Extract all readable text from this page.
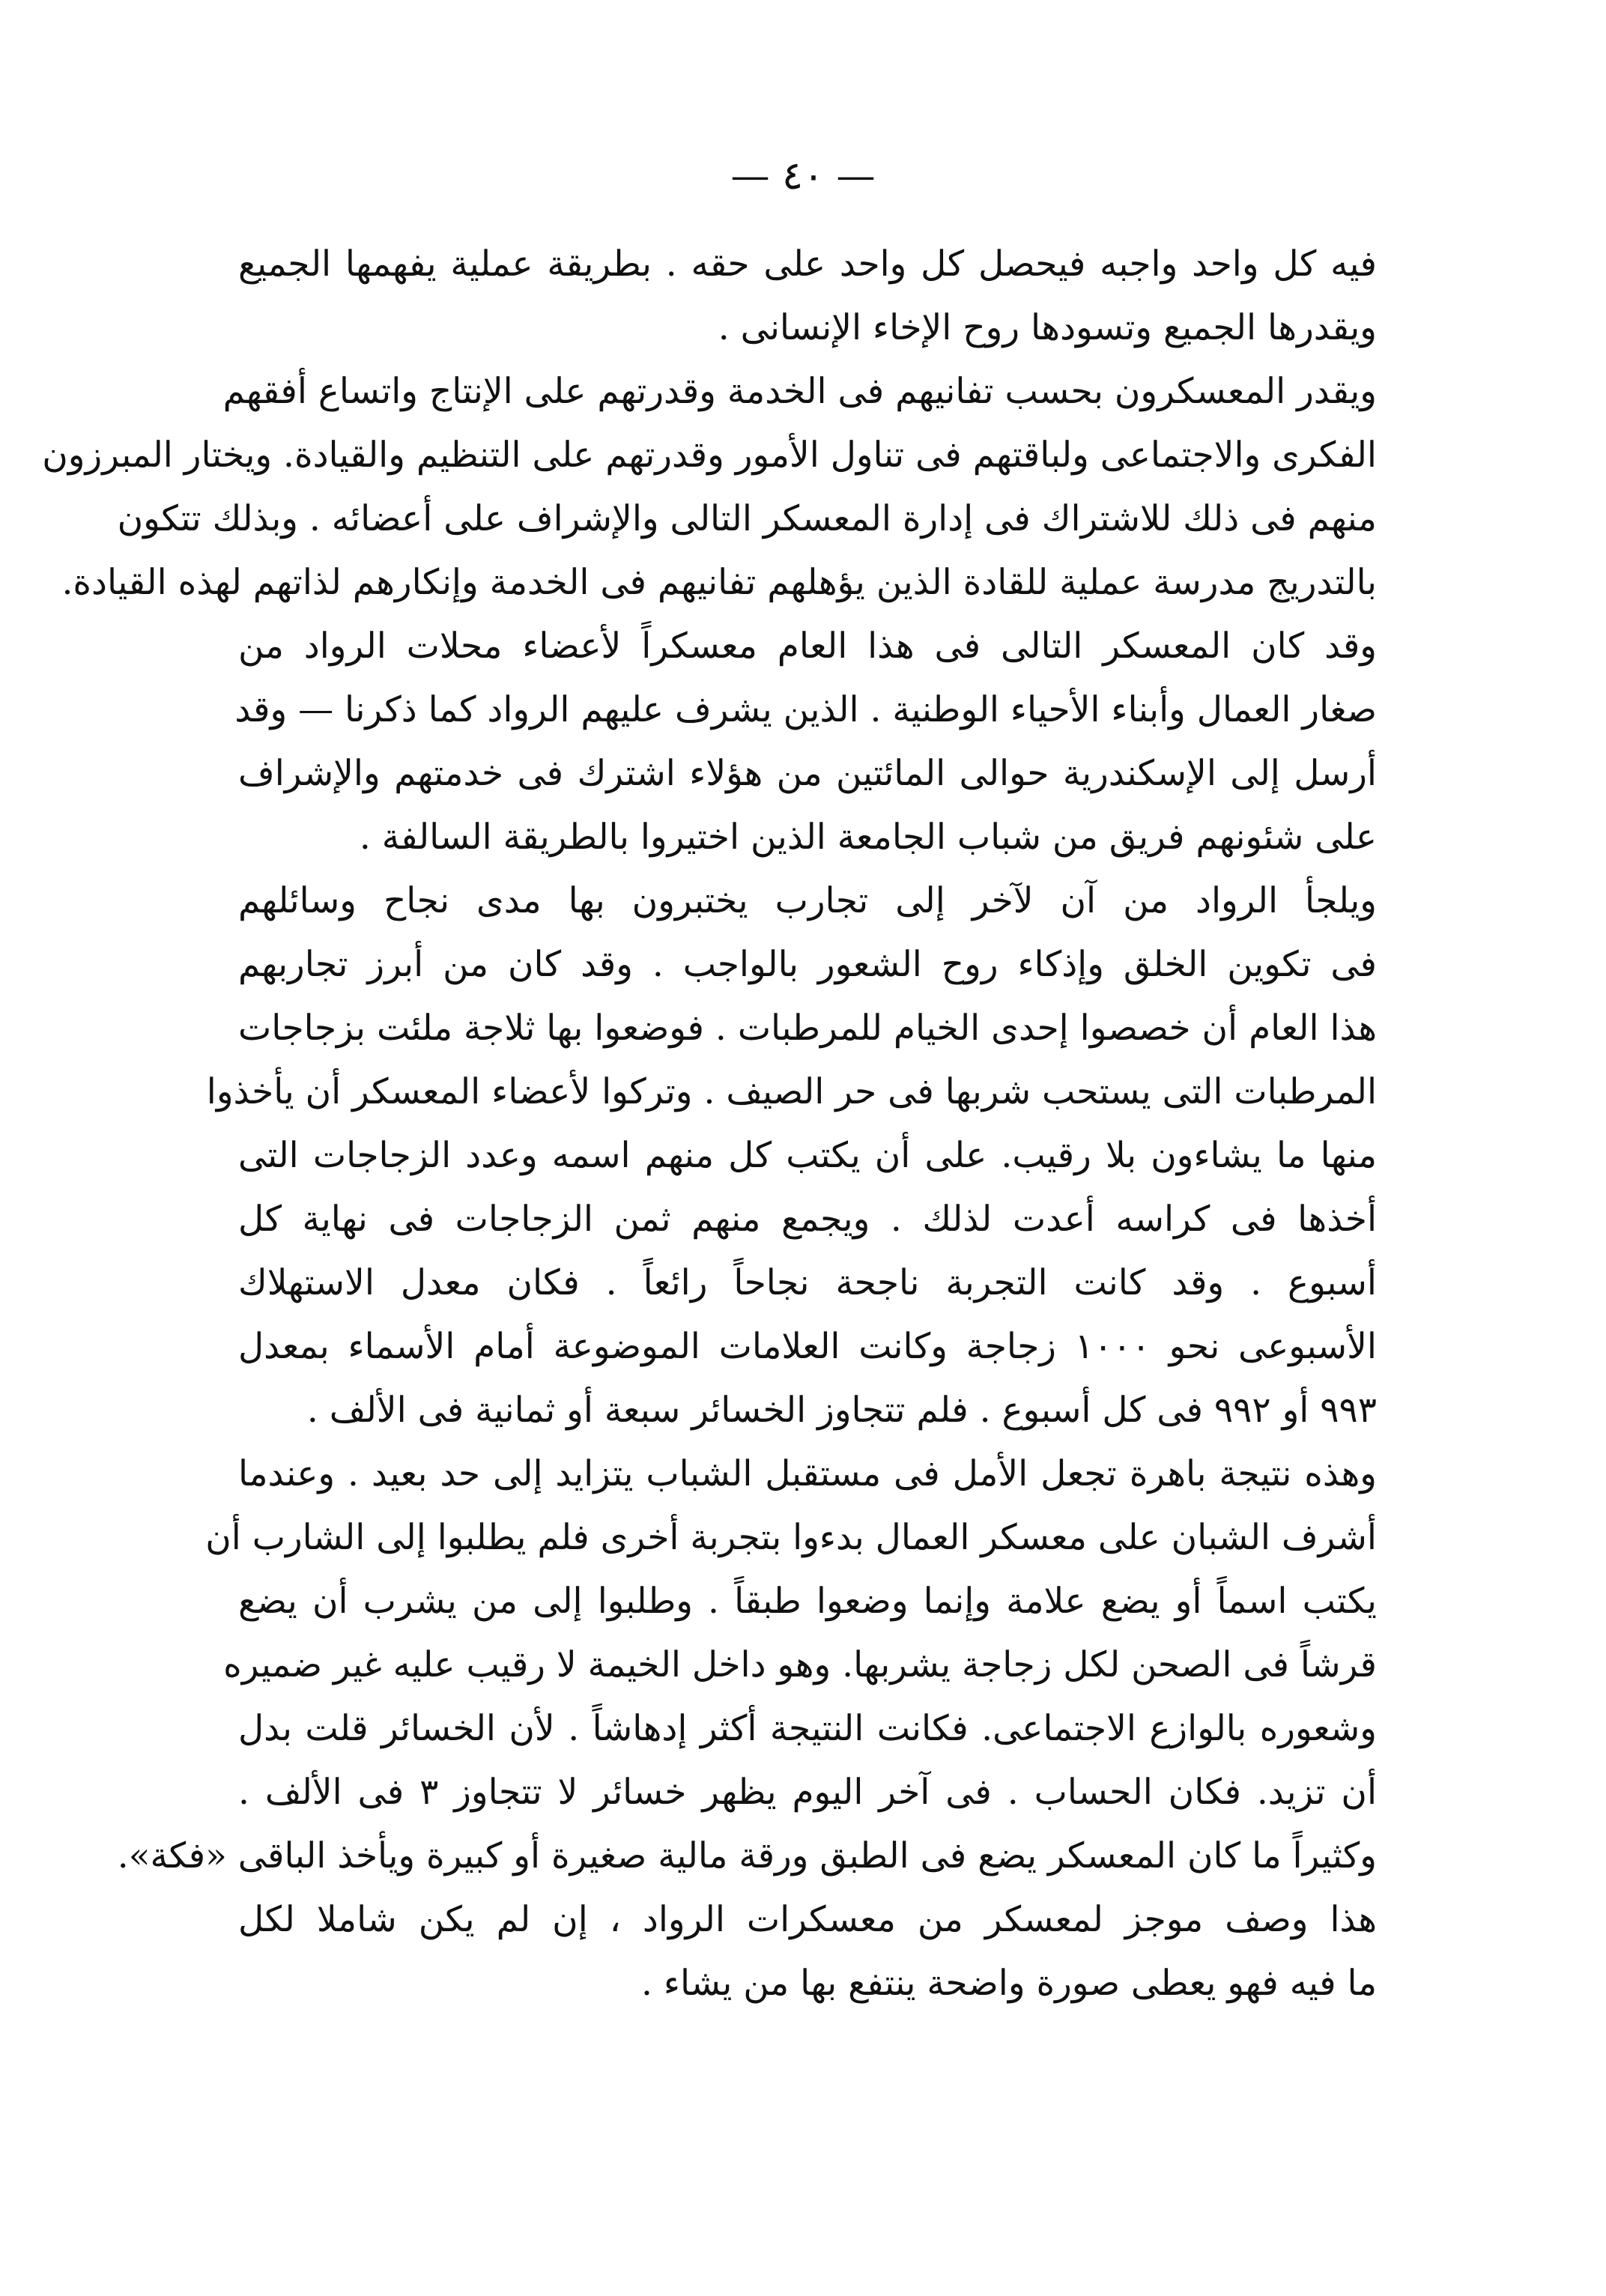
— ٤٠ —
فيه كل واحد واجبه فيحصل كل واحد على حقه . بطريقة عملية يفهمها الجميع
ويقدرها الجميع وتسودها روح الإخاء الإنسانى .
ويقدر المعسكرون بحسب تفانيهم فى الخدمة وقدرتهم على الإنتاج واتساع أفقهم
الفكرى والاجتماعى ولباقتهم فى تناول الأمور وقدرتهم على التنظيم والقيادة. ويختار المبرزون
منهم فى ذلك للاشتراك فى إدارة المعسكر التالى والإشراف على أعضائه . وبذلك تتكون
بالتدريج مدرسة عملية للقادة الذين يؤهلهم تفانيهم فى الخدمة وإنكارهم لذاتهم لهذه القيادة.
وقد كان المعسكر التالى فى هذا العام معسكراً لأعضاء محلات الرواد من
صغار العمال وأبناء الأحياء الوطنية . الذين يشرف عليهم الرواد كما ذكرنا — وقد
أرسل إلى الإسكندرية حوالى المائتين من هؤلاء اشترك فى خدمتهم والإشراف
على شئونهم فريق من شباب الجامعة الذين اختيروا بالطريقة السالفة .
ويلجأ الرواد من آن لآخر إلى تجارب يختبرون بها مدى نجاح وسائلهم
فى تكوين الخلق وإذكاء روح الشعور بالواجب . وقد كان من أبرز تجاربهم
هذا العام أن خصصوا إحدى الخيام للمرطبات . فوضعوا بها ثلاجة ملئت بزجاجات
المرطبات التى يستحب شربها فى حر الصيف . وتركوا لأعضاء المعسكر أن يأخذوا
منها ما يشاءون بلا رقيب. على أن يكتب كل منهم اسمه وعدد الزجاجات التى
أخذها فى كراسه أعدت لذلك . ويجمع منهم ثمن الزجاجات فى نهاية كل
أسبوع . وقد كانت التجربة ناجحة نجاحاً رائعاً . فكان معدل الاستهلاك
الأسبوعى نحو ١٠٠٠ زجاجة وكانت العلامات الموضوعة أمام الأسماء بمعدل
٩٩٣ أو ٩٩٢ فى كل أسبوع . فلم تتجاوز الخسائر سبعة أو ثمانية فى الألف .
وهذه نتيجة باهرة تجعل الأمل فى مستقبل الشباب يتزايد إلى حد بعيد . وعندما
أشرف الشبان على معسكر العمال بدءوا بتجربة أخرى فلم يطلبوا إلى الشارب أن
يكتب اسماً أو يضع علامة وإنما وضعوا طبقاً . وطلبوا إلى من يشرب أن يضع
قرشاً فى الصحن لكل زجاجة يشربها. وهو داخل الخيمة لا رقيب عليه غير ضميره
وشعوره بالوازع الاجتماعى. فكانت النتيجة أكثر إدهاشاً . لأن الخسائر قلت بدل
أن تزيد. فكان الحساب . فى آخر اليوم يظهر خسائر لا تتجاوز ٣ فى الألف .
وكثيراً ما كان المعسكر يضع فى الطبق ورقة مالية صغيرة أو كبيرة ويأخذ الباقى «فكة».
هذا وصف موجز لمعسكر من معسكرات الرواد ، إن لم يكن شاملا لكل
ما فيه فهو يعطى صورة واضحة ينتفع بها من يشاء .
